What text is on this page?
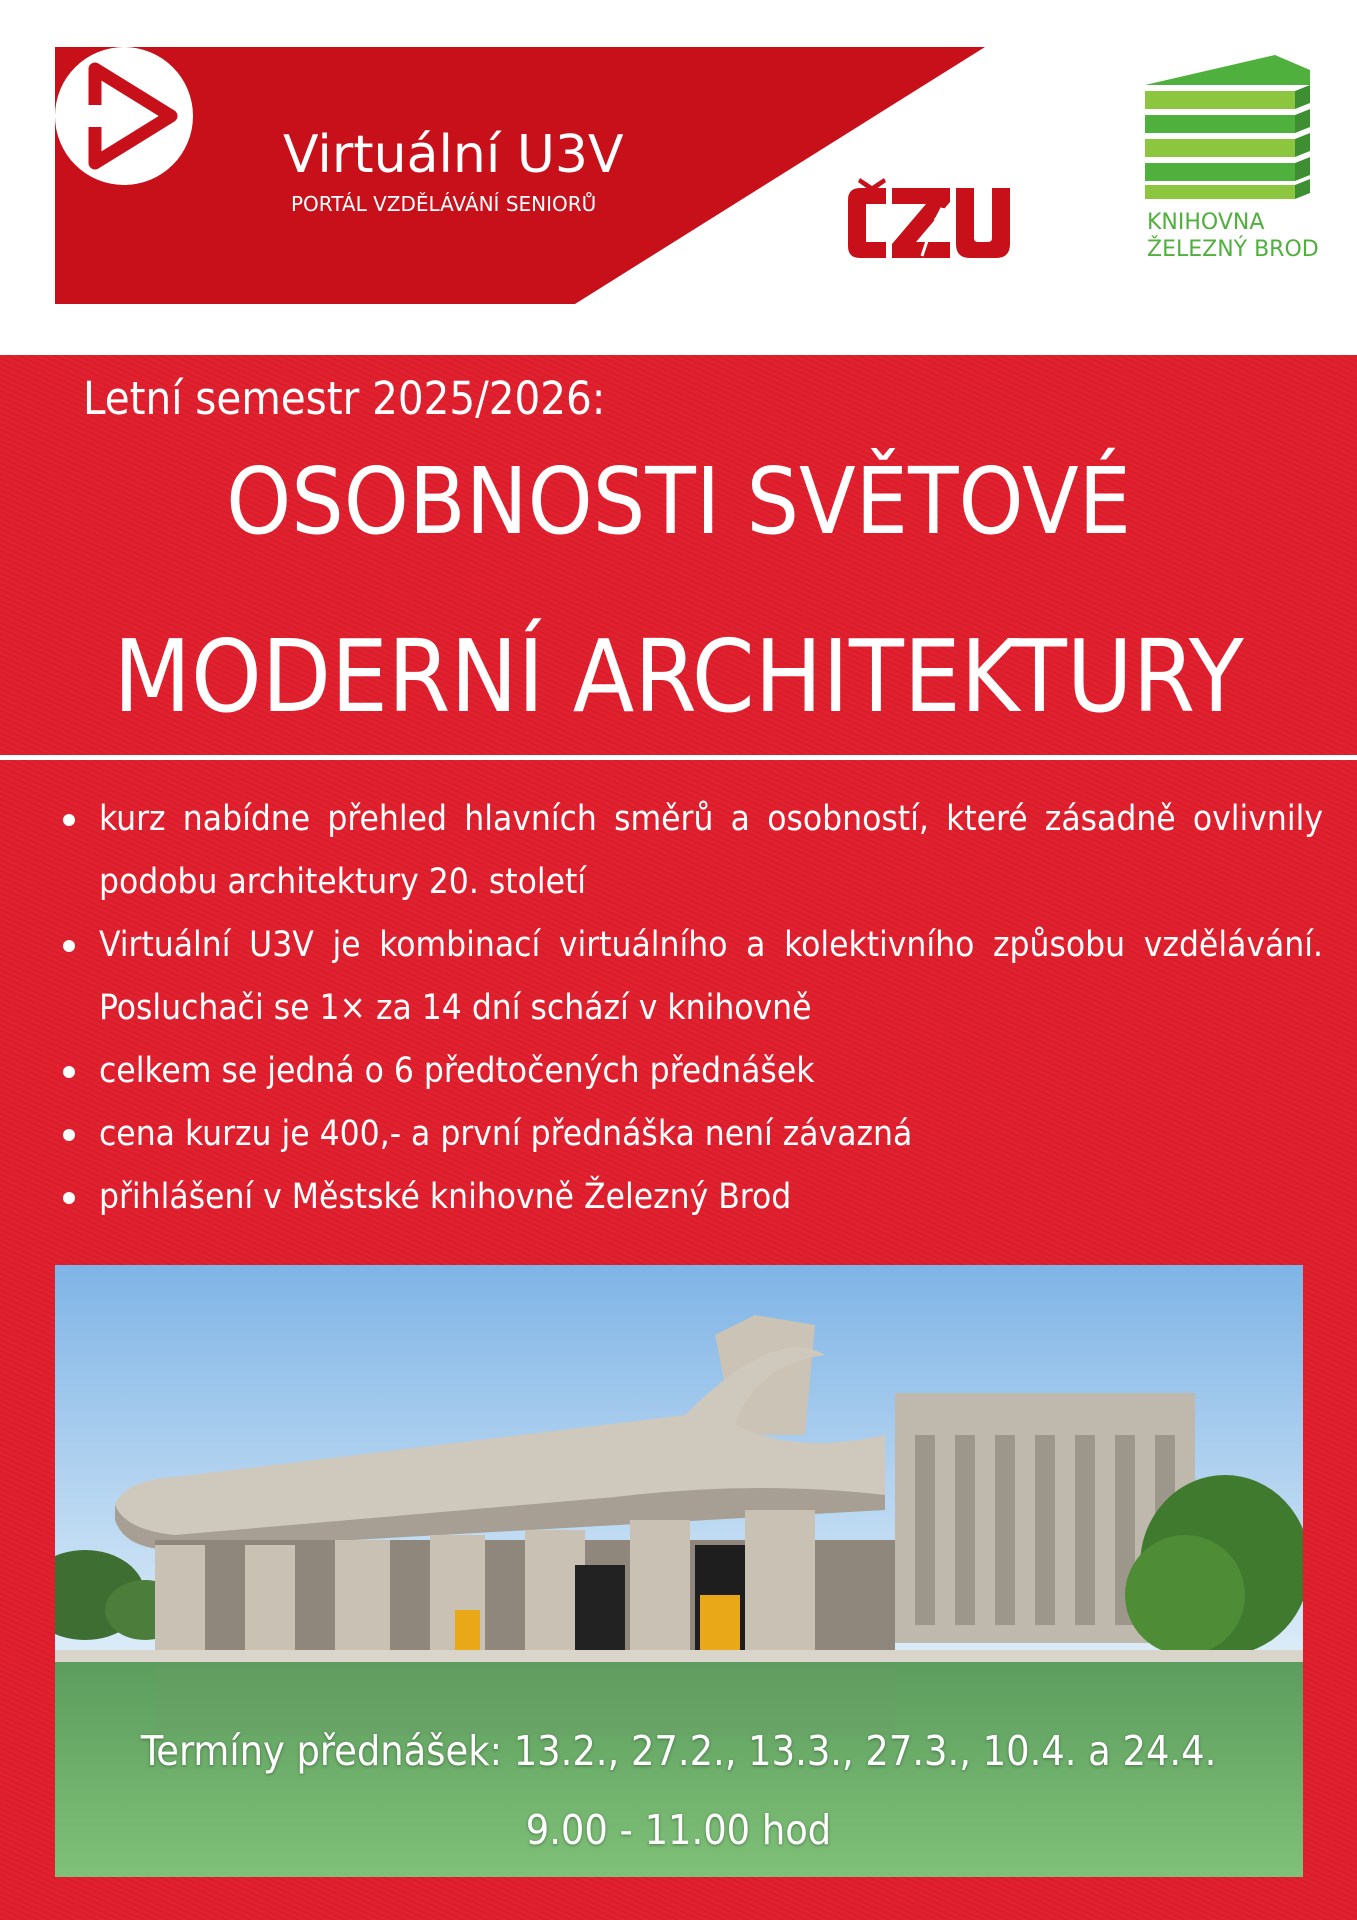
Virtuální U3V
PORTÁL VZDĚLÁVÁNÍ SENIORŮ
KNIHOVNA
ŽELEZNÝ BROD
Letní semestr 2025/2026:
OSOBNOSTI SVĚTOVÉ
MODERNÍ ARCHITEKTURY
kurz nabídne přehled hlavních směrů a osobností, které zásadně ovlivnily podobu architektury 20. století
Virtuální U3V je kombinací virtuálního a kolektivního způsobu vzdělávání. Posluchači se 1× za 14 dní schází v knihovně
celkem se jedná o 6 předtočených přednášek
cena kurzu je 400,- a první přednáška není závazná
přihlášení v Městské knihovně Železný Brod
Termíny přednášek: 13.2., 27.2., 13.3., 27.3., 10.4. a 24.4.
9.00 - 11.00 hod
